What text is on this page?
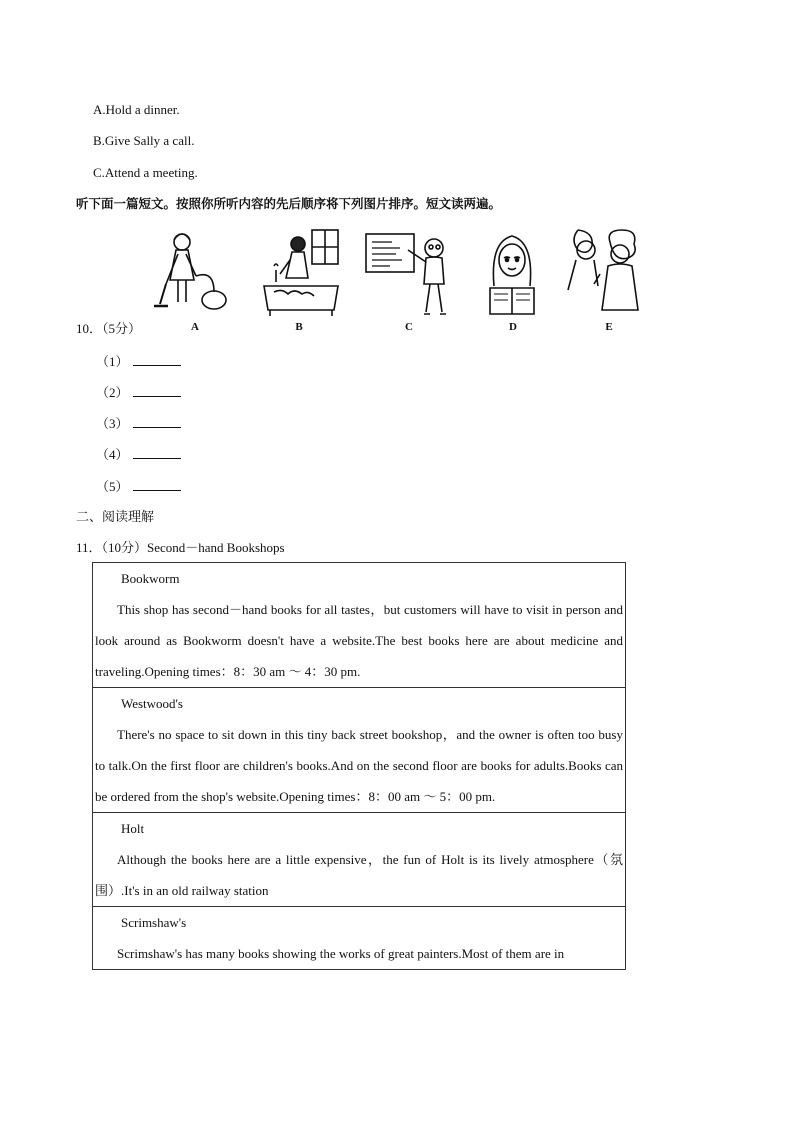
A.Hold a dinner.
B.Give Sally a call.
C.Attend a meeting.
听下面一篇短文。按照你所听内容的先后顺序将下列图片排序。短文读两遍。
A	B	C	D	E
10．（5分）
（1）
（2）
（3）
（4）
（5）
二、阅读理解
11．（10分）Second－hand Bookshops
Bookworm
This shop has second－hand books for all tastes，but customers will have to visit in person and look around as Bookworm doesn't have a website.The best books here are about medicine and traveling.Opening times：8：30 am ～ 4：30 pm.

Westwood's
There's no space to sit down in this tiny back street bookshop，and the owner is often too busy to talk.On the first floor are children's books.And on the second floor are books for adults.Books can be ordered from the shop's website.Opening times：8：00 am ～ 5：00 pm.

Holt
Although the books here are a little expensive，the fun of Holt is its lively atmosphere（氛围）.It's in an old railway station

Scrimshaw's
Scrimshaw's has many books showing the works of great painters.Most of them are in
